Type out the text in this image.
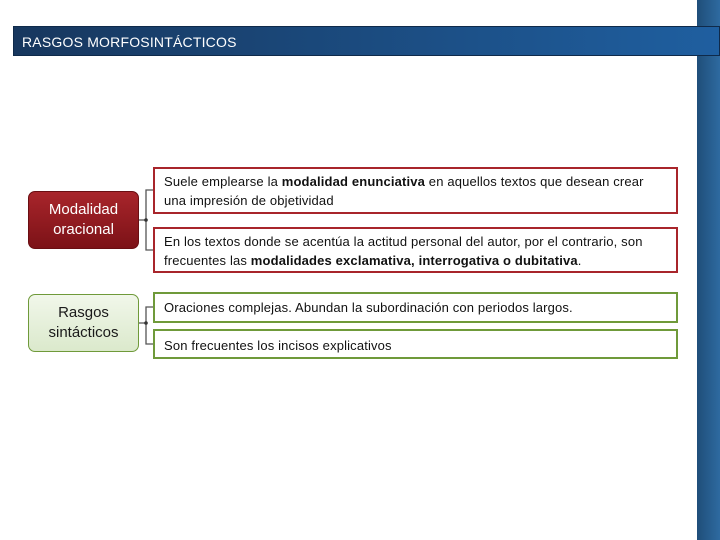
RASGOS MORFOSINTÁCTICOS
Modalidad oracional
Rasgos sintácticos
Suele emplearse la modalidad enunciativa en aquellos textos que desean crear una impresión de objetividad
En los textos donde se acentúa la actitud personal del autor, por el contrario, son frecuentes las modalidades exclamativa, interrogativa o dubitativa.
Oraciones complejas. Abundan la subordinación con periodos largos.
Son frecuentes los incisos explicativos
